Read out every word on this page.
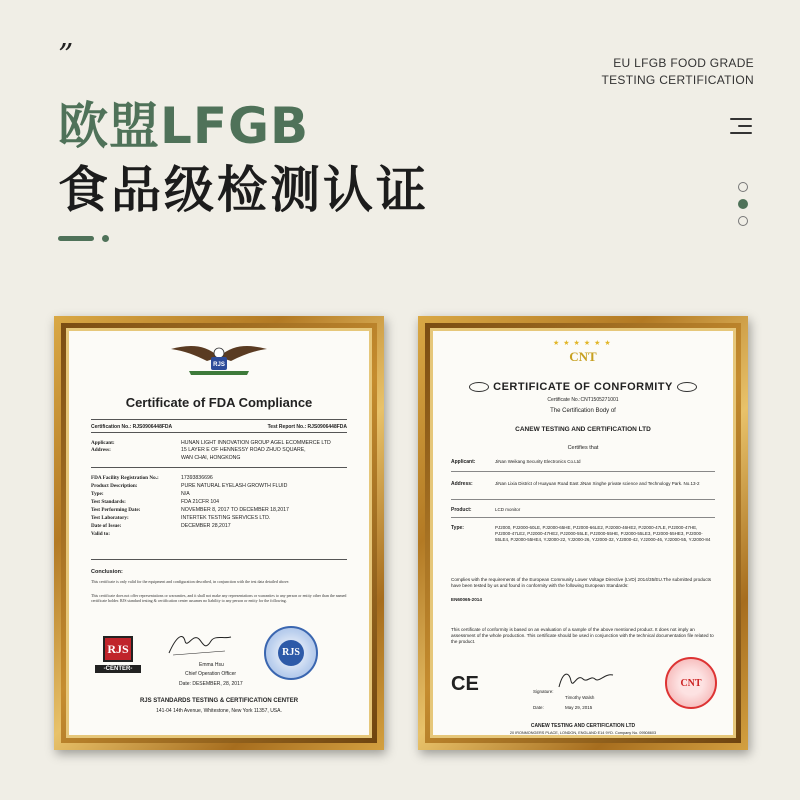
”
欧盟LFGB
食品级检测认证
EU LFGB FOOD GRADE
TESTING CERTIFICATION
RJS
Certificate of FDA Compliance
Certification No.: RJS0906448FDA	Test Report No.: RJS0906448FDA
Applicant:	HUNAN LIGHT INNOVATION GROUP AGEL ECOMMERCE LTD
Address:	15 LAYER E OF HENNESSY ROAD ZHUO SQUARE,
WAN CHAI, HONGKONG
FDA Facility Registration No.:	17393836696
Product Description:	PURE NATURAL EYELASH GROWTH FLUID
Type:	N/A
Test Standards:	FDA 21CFR 104
Test Performing Date:	NOVEMBER 8, 2017 TO DECEMBER 18,2017
Test Laboratory:	INTERTEK TESTING SERVICES LTD.
Date of Issue:	DECEMBER 28,2017
Valid to:
Conclusion:
This certificate is only valid for the equipment and configuration described, in conjunction with the test data detailed above.
This certificate does not offer representations or warranties, and it shall not make any representations or warranties to any person or entity other than the named certificate holder. RJS standard testing & certification center assumes no liability to any person or entity for the following.
RJS
-CENTER-
Emma Hsu
Chief Operation Officer
Date: DESEMBER, 28, 2017
RJS
RJS STANDARDS TESTING & CERTIFICATION CENTER
141-04 14th Avenue, Whitestone, New York 11357, USA.
★★★★★★
CNT
CERTIFICATE OF CONFORMITY
Certificate No.:CNT1505271001
The Certification Body of
CANEW TESTING AND CERTIFICATION LTD
Certifies that
Applicant:	JiNan Weikang Security Electronics Co.Ltd
Address:	JiNan Lixia District of Huayuan Road East JiNan Xinghe private science and Technology Park. No.13-2
Product:	LCD monitor
Type:	PJ2000, PJ2000-60LE, PJ2000-65HE, PJ2000-66LE2, PJ2000-46HE2, PJ2000-47LE, PJ2000-47HE, PJ2000-47LE2, PJ2000-47HE2, PJ2000-55LE, PJ2000-55HE, PJ2000-55LE3, PJ2000-55HE3, PJ2000-55LE4, PJ2000-55HE4, YJ2000-22, YJ2000-26, YJ2000-32, YJ2000-42, YJ2000-46, YJ2000-55, YJ2000-84
Complies with the requirements of the European Community Lower Voltage Directive (LVD) 2014/35/EU.The submitted products have been tested by us and found in conformity with the following European Standards:
EN60065-2014
This certificate of conformity is based on an evaluation of a sample of the above mentioned product. It does not imply an assessment of the whole production. This certificate should be used in conjunction with the technical documentation file related to the product.
CE	Signature:
Timothy Walsh
Date:	May 29, 2015
CNT
CANEW TESTING AND CERTIFICATION LTD
20 IRONMONGERS PLACE, LONDON, ENGLAND E14 9YD. Company No. 09508603
